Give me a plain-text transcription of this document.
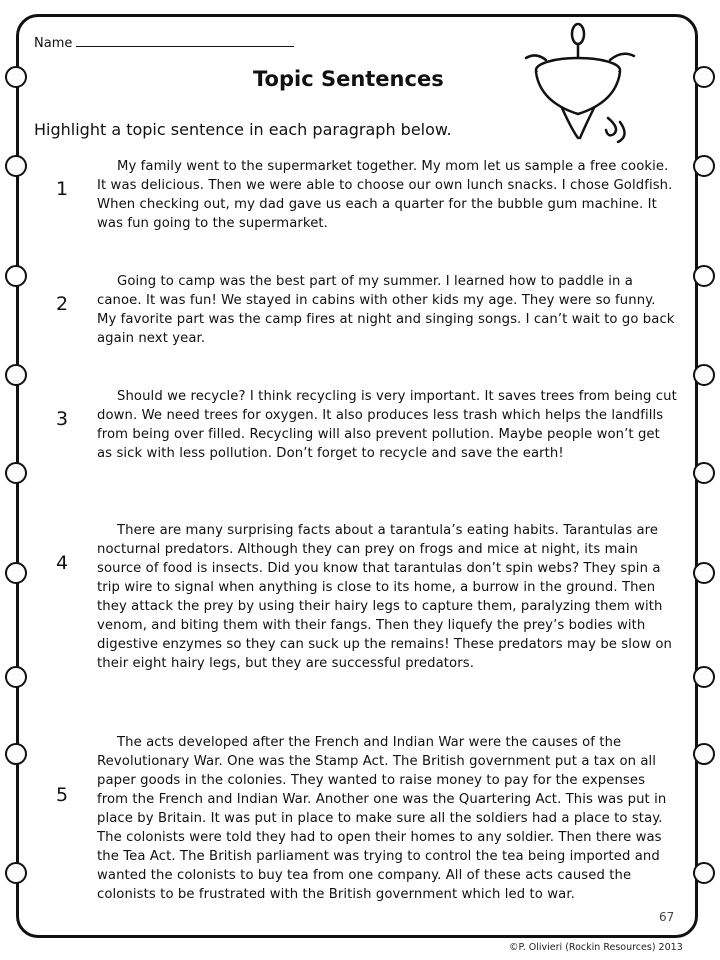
Name
Topic Sentences
Highlight a topic sentence in each paragraph below.
1

My family went to the supermarket together. My mom let us sample a free cookie. It was delicious. Then we were able to choose our own lunch snacks. I chose Goldfish. When checking out, my dad gave us each a quarter for the bubble gum machine. It was fun going to the supermarket.

2

Going to camp was the best part of my summer. I learned how to paddle in a canoe. It was fun! We stayed in cabins with other kids my age. They were so funny. My favorite part was the camp fires at night and singing songs. I can’t wait to go back again next year.

3

Should we recycle? I think recycling is very important. It saves trees from being cut down. We need trees for oxygen. It also produces less trash which helps the landfills from being over filled. Recycling will also prevent pollution. Maybe people won’t get as sick with less pollution. Don’t forget to recycle and save the earth!

4

There are many surprising facts about a tarantula’s eating habits. Tarantulas are nocturnal predators. Although they can prey on frogs and mice at night, its main source of food is insects. Did you know that tarantulas don’t spin webs? They spin a trip wire to signal when anything is close to its home, a burrow in the ground. Then they attack the prey by using their hairy legs to capture them, paralyzing them with venom, and biting them with their fangs. Then they liquefy the prey’s bodies with digestive enzymes so they can suck up the remains! These predators may be slow on their eight hairy legs, but they are successful predators.

5

The acts developed after the French and Indian War were the causes of the Revolutionary War. One was the Stamp Act. The British government put a tax on all paper goods in the colonies. They wanted to raise money to pay for the expenses from the French and Indian War. Another one was the Quartering Act. This was put in place by Britain. It was put in place to make sure all the soldiers had a place to stay. The colonists were told they had to open their homes to any soldier. Then there was the Tea Act. The British parliament was trying to control the tea being imported and wanted the colonists to buy tea from one company. All of these acts caused the colonists to be frustrated with the British government which led to war.

67
©P. Olivieri (Rockin Resources) 2013
